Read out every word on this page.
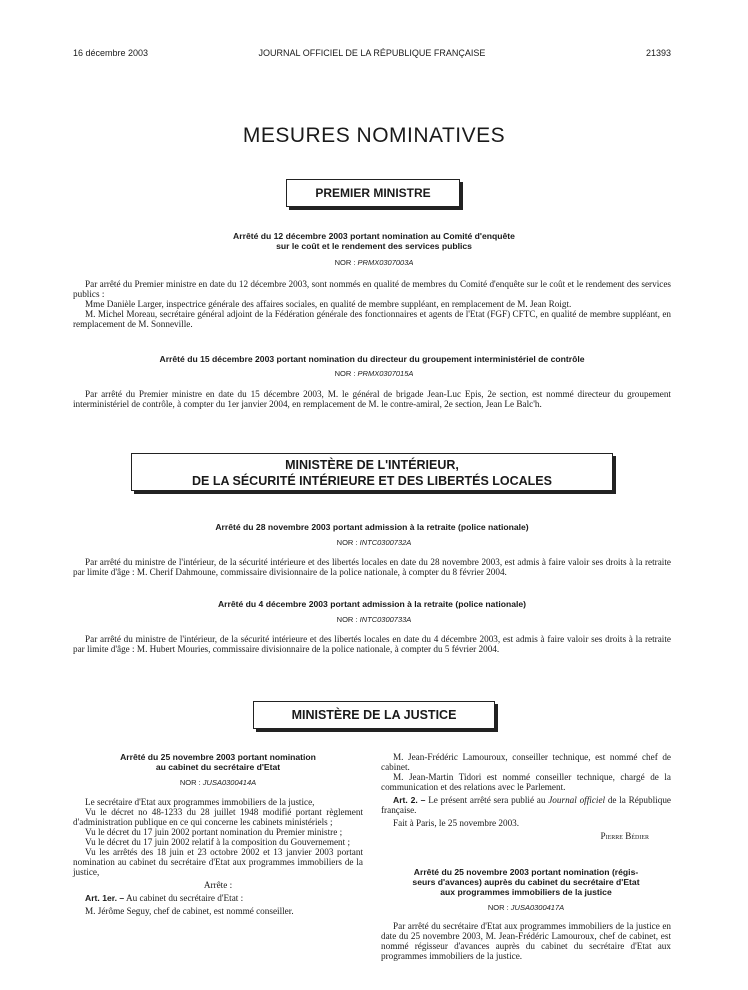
16 décembre 2003	JOURNAL OFFICIEL DE LA RÉPUBLIQUE FRANÇAISE	21393
MESURES NOMINATIVES
PREMIER MINISTRE
Arrêté du 12 décembre 2003 portant nomination au Comité d'enquête
sur le coût et le rendement des services publics
NOR : PRMX0307003A

Par arrêté du Premier ministre en date du 12 décembre 2003, sont nommés en qualité de membres du Comité d'enquête sur le coût et le rendement des services publics :

Mme Danièle Larger, inspectrice générale des affaires sociales, en qualité de membre suppléant, en remplacement de M. Jean Roigt.

M. Michel Moreau, secrétaire général adjoint de la Fédération générale des fonctionnaires et agents de l'Etat (FGF) CFTC, en qualité de membre suppléant, en remplacement de M. Sonneville.

Arrêté du 15 décembre 2003 portant nomination du directeur du groupement interministériel de contrôle
NOR : PRMX0307015A

Par arrêté du Premier ministre en date du 15 décembre 2003, M. le général de brigade Jean-Luc Epis, 2e section, est nommé directeur du groupement interministériel de contrôle, à compter du 1er janvier 2004, en remplacement de M. le contre-amiral, 2e section, Jean Le Balc'h.

MINISTÈRE DE L'INTÉRIEUR,
DE LA SÉCURITÉ INTÉRIEURE ET DES LIBERTÉS LOCALES
Arrêté du 28 novembre 2003 portant admission à la retraite (police nationale)
NOR : INTC0300732A

Par arrêté du ministre de l'intérieur, de la sécurité intérieure et des libertés locales en date du 28 novembre 2003, est admis à faire valoir ses droits à la retraite par limite d'âge : M. Cherif Dahmoune, commissaire divisionnaire de la police nationale, à compter du 8 février 2004.

Arrêté du 4 décembre 2003 portant admission à la retraite (police nationale)
NOR : INTC0300733A

Par arrêté du ministre de l'intérieur, de la sécurité intérieure et des libertés locales en date du 4 décembre 2003, est admis à faire valoir ses droits à la retraite par limite d'âge : M. Hubert Mouries, commissaire divisionnaire de la police nationale, à compter du 5 février 2004.

MINISTÈRE DE LA JUSTICE
Arrêté du 25 novembre 2003 portant nomination
au cabinet du secrétaire d'Etat
NOR : JUSA0300414A

Le secrétaire d'Etat aux programmes immobiliers de la justice,

Vu le décret no 48-1233 du 28 juillet 1948 modifié portant règlement d'administration publique en ce qui concerne les cabinets ministériels ;

Vu le décret du 17 juin 2002 portant nomination du Premier ministre ;

Vu le décret du 17 juin 2002 relatif à la composition du Gouvernement ;

Vu les arrêtés des 18 juin et 23 octobre 2002 et 13 janvier 2003 portant nomination au cabinet du secrétaire d'Etat aux programmes immobiliers de la justice,

Arrête :

Art. 1er. – Au cabinet du secrétaire d'Etat :

M. Jérôme Seguy, chef de cabinet, est nommé conseiller.

M. Jean-Frédéric Lamouroux, conseiller technique, est nommé chef de cabinet.

M. Jean-Martin Tidori est nommé conseiller technique, chargé de la communication et des relations avec le Parlement.

Art. 2. – Le présent arrêté sera publié au Journal officiel de la République française.

Fait à Paris, le 25 novembre 2003.

Pierre Bédier

Arrêté du 25 novembre 2003 portant nomination (régis-
seurs d'avances) auprès du cabinet du secrétaire d'Etat
aux programmes immobiliers de la justice
NOR : JUSA0300417A

Par arrêté du secrétaire d'Etat aux programmes immobiliers de la justice en date du 25 novembre 2003, M. Jean-Frédéric Lamouroux, chef de cabinet, est nommé régisseur d'avances auprès du cabinet du secrétaire d'Etat aux programmes immobiliers de la justice.
